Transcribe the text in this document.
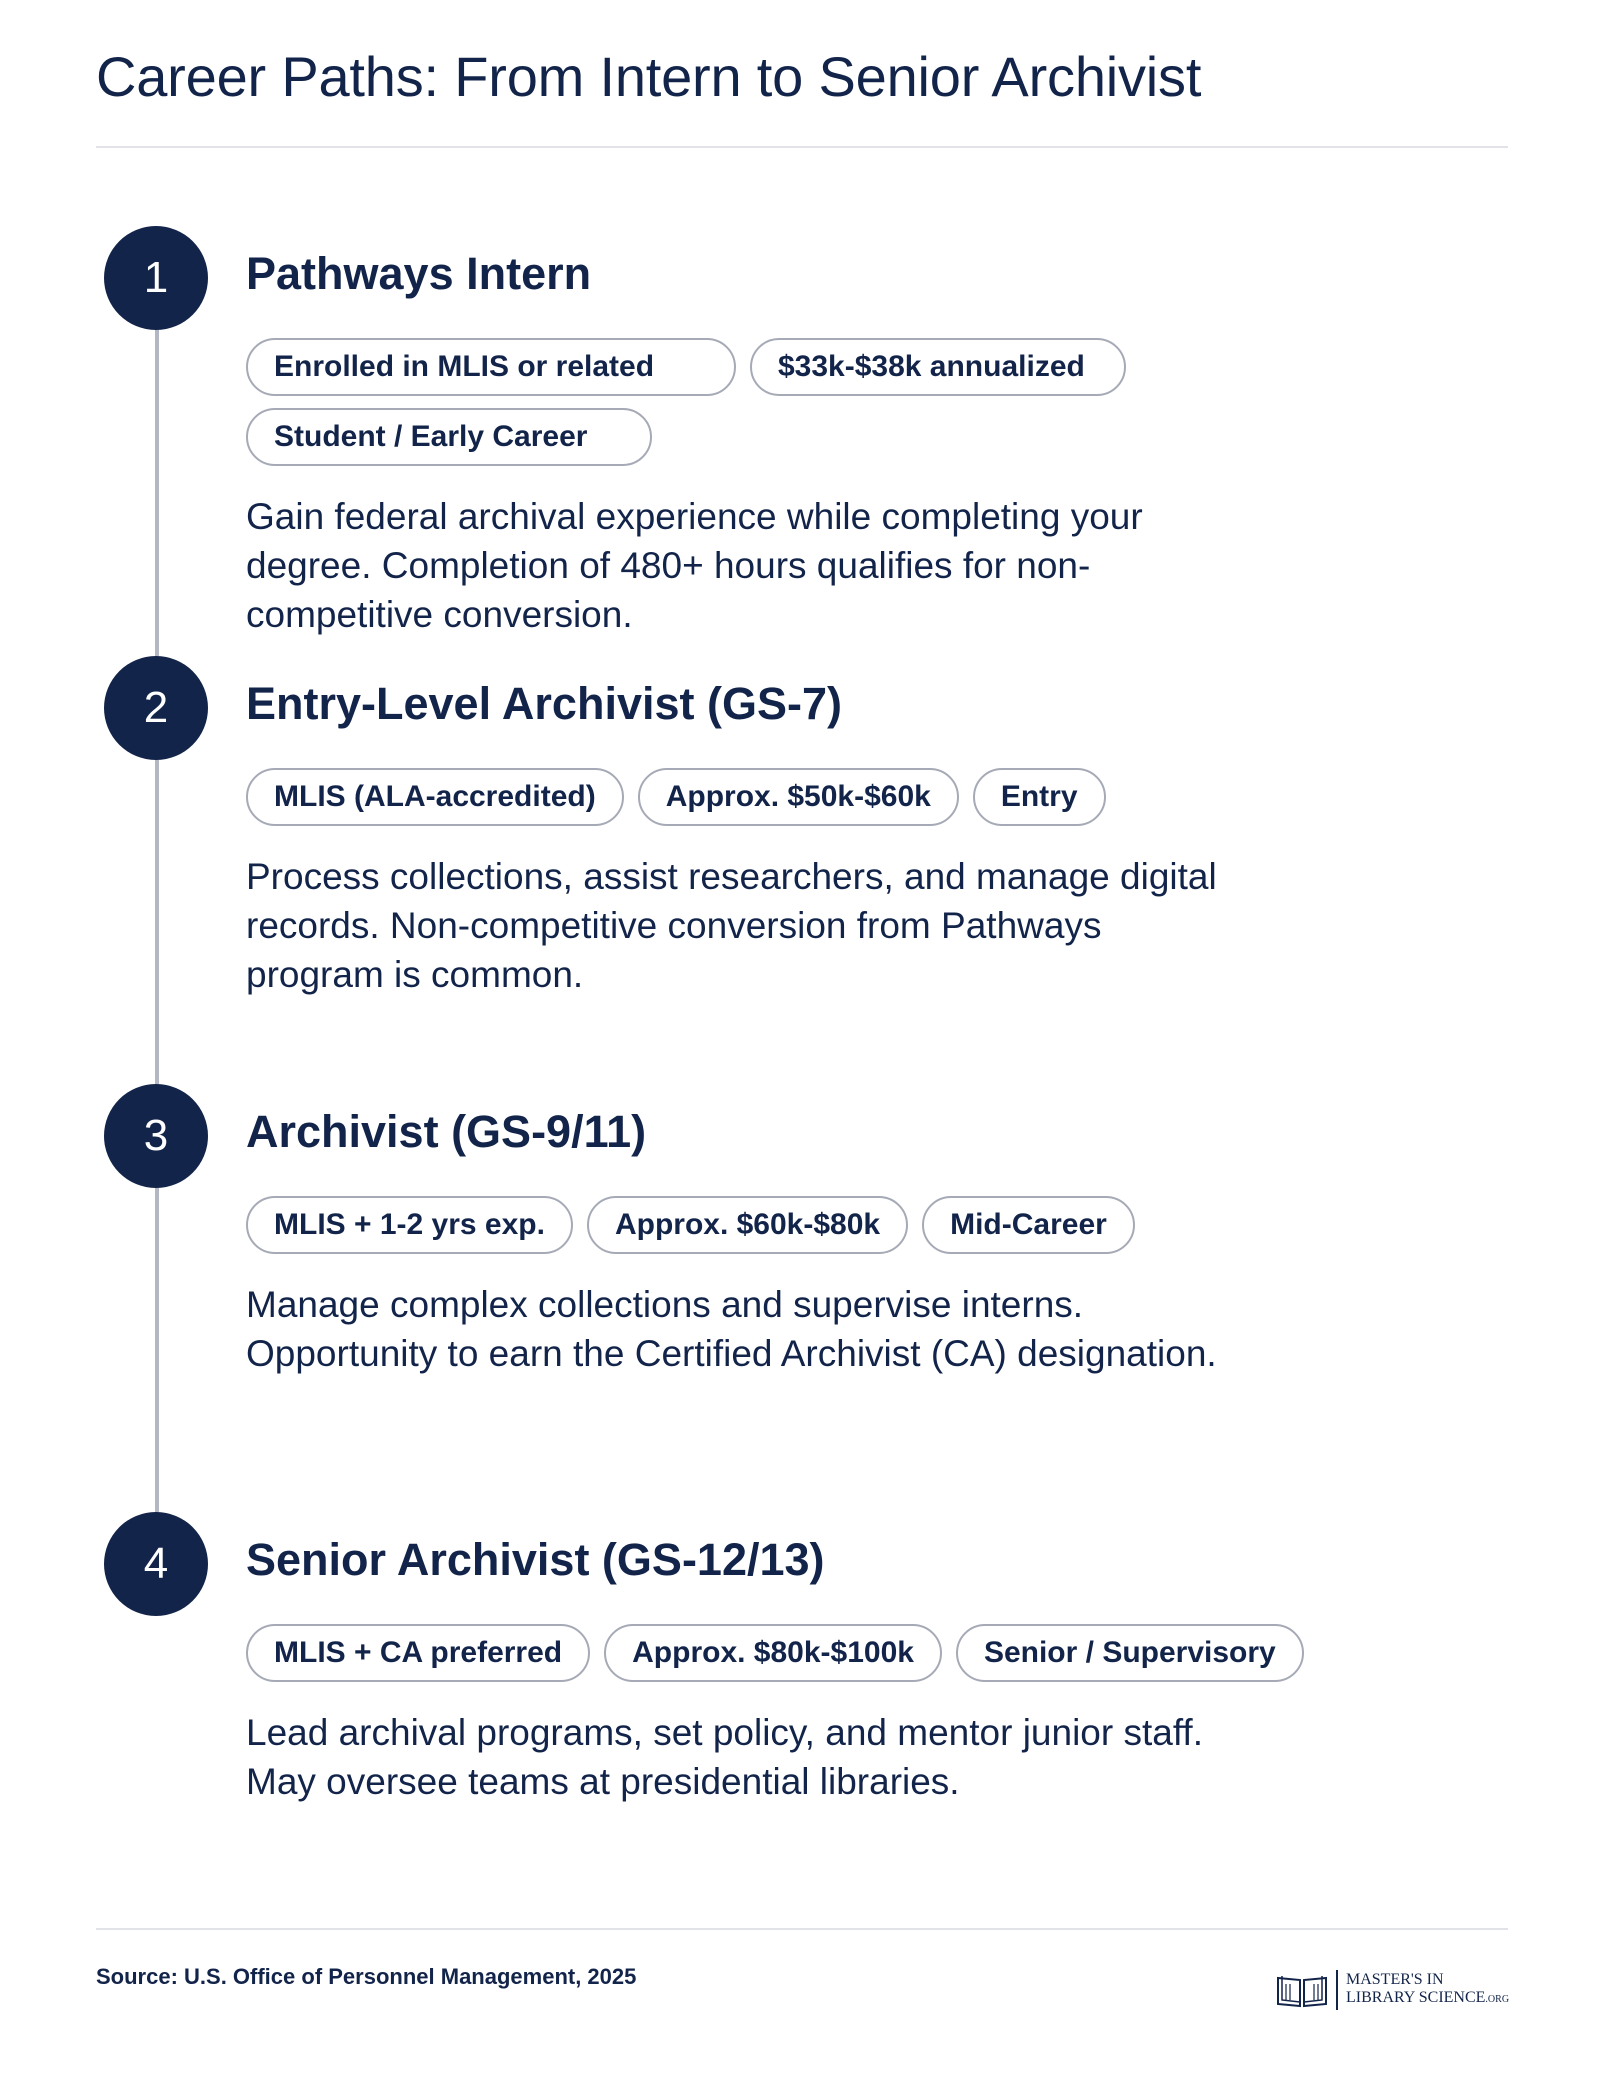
Career Paths: From Intern to Senior Archivist
1	Pathways Intern
Enrolled in MLIS or related	$33k-$38k annualized
Student / Early Career

Gain federal archival experience while completing your degree. Completion of 480+ hours qualifies for non-competitive conversion.

2	Entry-Level Archivist (GS-7)
MLIS (ALA-accredited)	Approx. $50k-$60k	Entry

Process collections, assist researchers, and manage digital records. Non-competitive conversion from Pathways program is common.

3	Archivist (GS-9/11)
MLIS + 1-2 yrs exp.	Approx. $60k-$80k	Mid-Career

Manage complex collections and supervise interns. Opportunity to earn the Certified Archivist (CA) designation.

4	Senior Archivist (GS-12/13)
MLIS + CA preferred	Approx. $80k-$100k	Senior / Supervisory

Lead archival programs, set policy, and mentor junior staff. May oversee teams at presidential libraries.

Source: U.S. Office of Personnel Management, 2025	MASTER'S IN
LIBRARY SCIENCE.ORG
